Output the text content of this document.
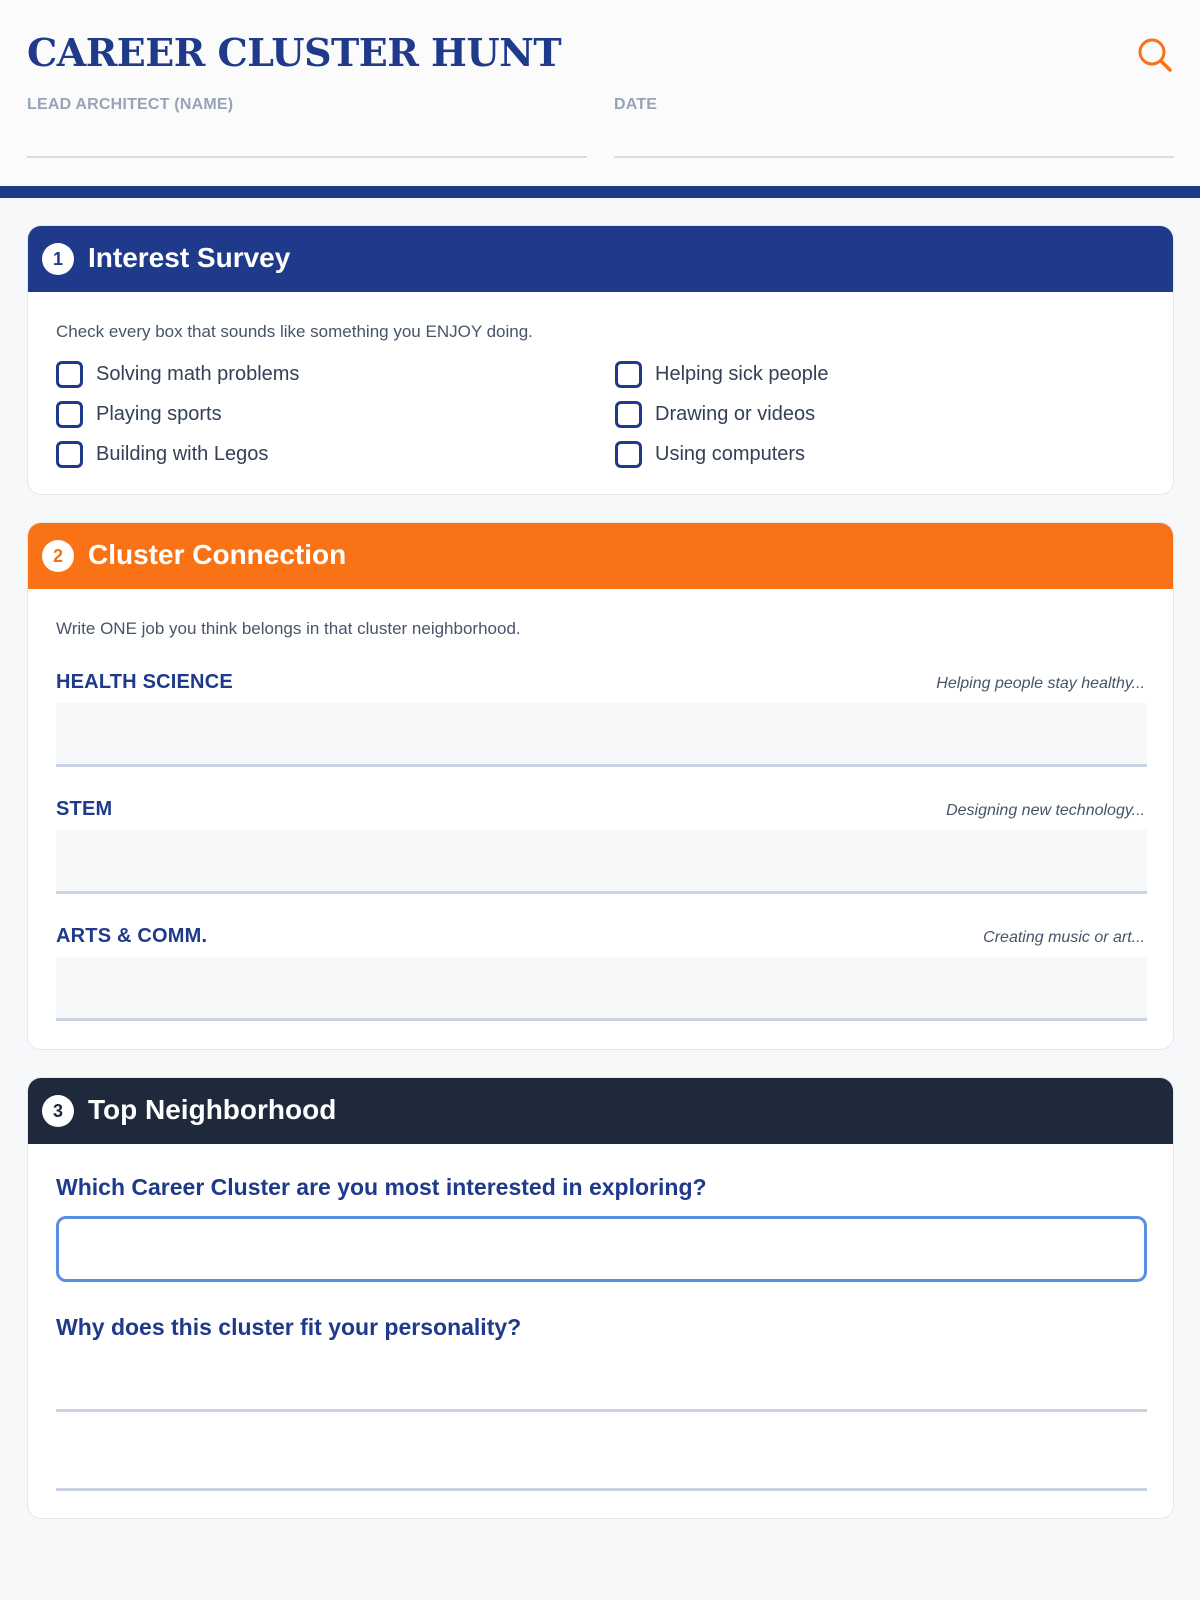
CAREER CLUSTER HUNT
LEAD ARCHITECT (NAME)	DATE
1 Interest Survey
Check every box that sounds like something you ENJOY doing.
Solving math problems	Helping sick people
Playing sports	Drawing or videos
Building with Legos	Using computers
2 Cluster Connection
Write ONE job you think belongs in that cluster neighborhood.
HEALTH SCIENCE	Helping people stay healthy...
STEM	Designing new technology...
ARTS & COMM.	Creating music or art...
3 Top Neighborhood
Which Career Cluster are you most interested in exploring?
Why does this cluster fit your personality?
